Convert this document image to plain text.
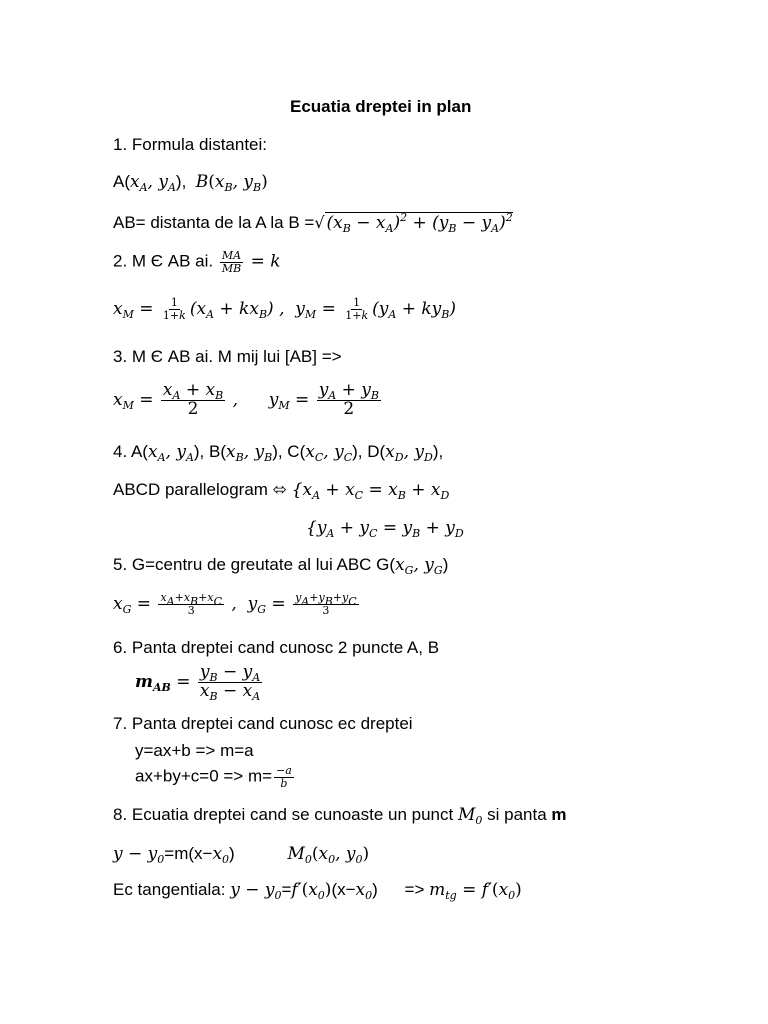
Ecuatia dreptei in plan
1. Formula distantei:
$A(x_A$, $y_A$),  $B(x_B$, $y_B$)
AB= distanta de la A la B =√ $(x_B - x_A)^2 + (y_B - y_A)^2$
2. M Є AB ai. $\frac{MA}{MB} = k$
$x_M = \frac{1}{1+k} (x_A + kx_B)$ ,  $y_M = \frac{1}{1+k} (y_A + ky_B)$
3. M Є AB ai. M mij lui [AB] =>
$x_M = \frac{x_A + x_B}{2}$ , $y_M = \frac{y_A + y_B}{2}$
4. $A(x_A$, $y_A$), $B(x_B$, $y_B$), $C(x_C$, $y_C$), $D(x_D$, $y_D$),
ABCD parallelogram ⬄ {$x_A + x_C = x_B + x_D$
{$y_A + y_C = y_B + y_D$
5. G=centru de greutate al lui ABC $G(x_G$, $y_G$)
$x_G = \frac{x_A+x_B+x_C}{3}$ ,  $y_G = \frac{y_A+y_B+y_C}{3}$
6. Panta dreptei cand cunosc 2 puncte A, B
$m_{AB} = \frac{y_B - y_A}{x_B - x_A}$
7. Panta dreptei cand cunosc ec dreptei
y=ax+b => m=a
$ax+by+c=0 => m= \frac{-a}{b}$
8. Ecuatia dreptei cand se cunoaste un punct $M_0$ si panta m
$y - y_0=m(x-x_0)$	$M_0(x_0$, $y_0$)
Ec tangentiala: $y - y_0=f'(x_0)(x-x_0) => m_{tg} = f'(x_0)$
